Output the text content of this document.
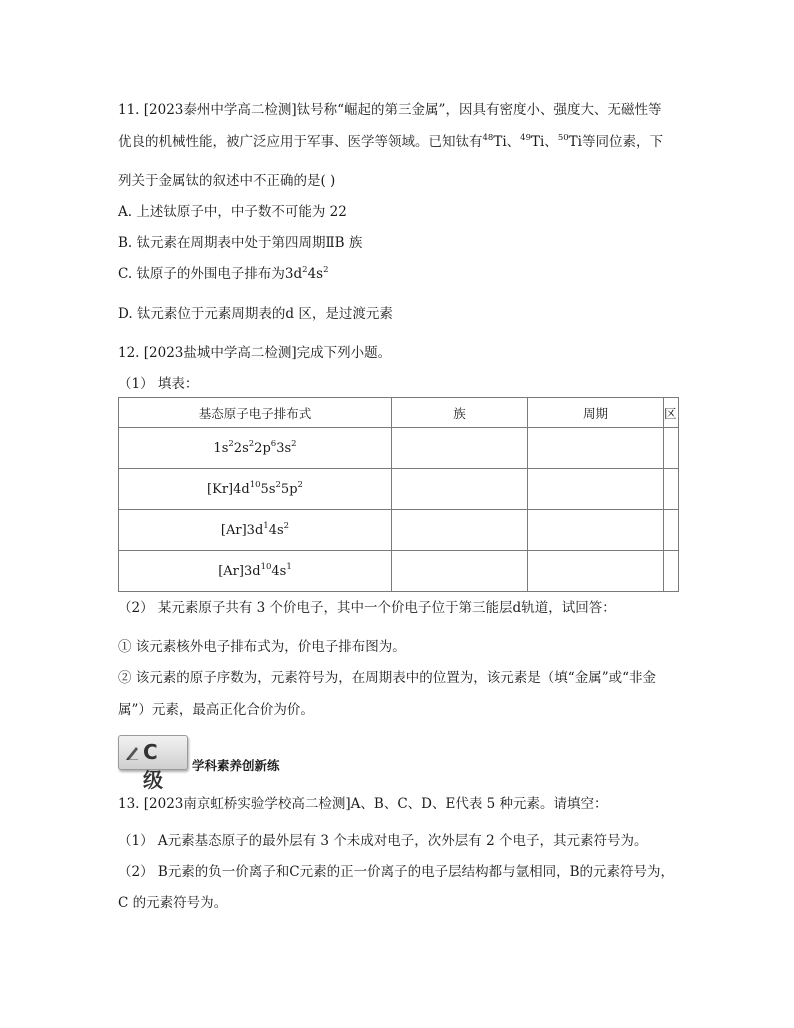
11. [2023泰州中学高二检测]钛号称“崛起的第三金属”，因具有密度小、强度大、无磁性等
优良的机械性能，被广泛应用于军事、医学等领域。已知钛有$^{48}$Ti、$^{49}$Ti、$^{50}$Ti等同位素，下
列关于金属钛的叙述中不正确的是( )
A. 上述钛原子中，中子数不可能为 22
B. 钛元素在周期表中处于第四周期ⅡB 族
C. 钛原子的外围电子排布为$3d^24s^2$
D. 钛元素位于元素周期表的d 区，是过渡元素
12. [2023盐城中学高二检测]完成下列小题。
（1） 填表：
基态原子电子排布式	族	周期	区
$1s^22s^22p^63s^2$			
$[Kr]4d^{10}5s^25p^2$			
$[Ar]3d^14s^2$			
$[Ar]3d^{10}4s^1$			
（2） 某元素原子共有 3 个价电子，其中一个价电子位于第三能层d轨道，试回答：
① 该元素核外电子排布式为，价电子排布图为。
② 该元素的原子序数为，元素符号为，在周期表中的位置为，该元素是（填“金属”或“非金
属”）元素，最高正化合价为价。
C 级
学科素养创新练
13. [2023南京虹桥实验学校高二检测]A、B、C、D、E代表 5 种元素。请填空：
（1） A元素基态原子的最外层有 3 个未成对电子，次外层有 2 个电子，其元素符号为。
（2） B元素的负一价离子和C元素的正一价离子的电子层结构都与氩相同，B的元素符号为，
C 的元素符号为。
